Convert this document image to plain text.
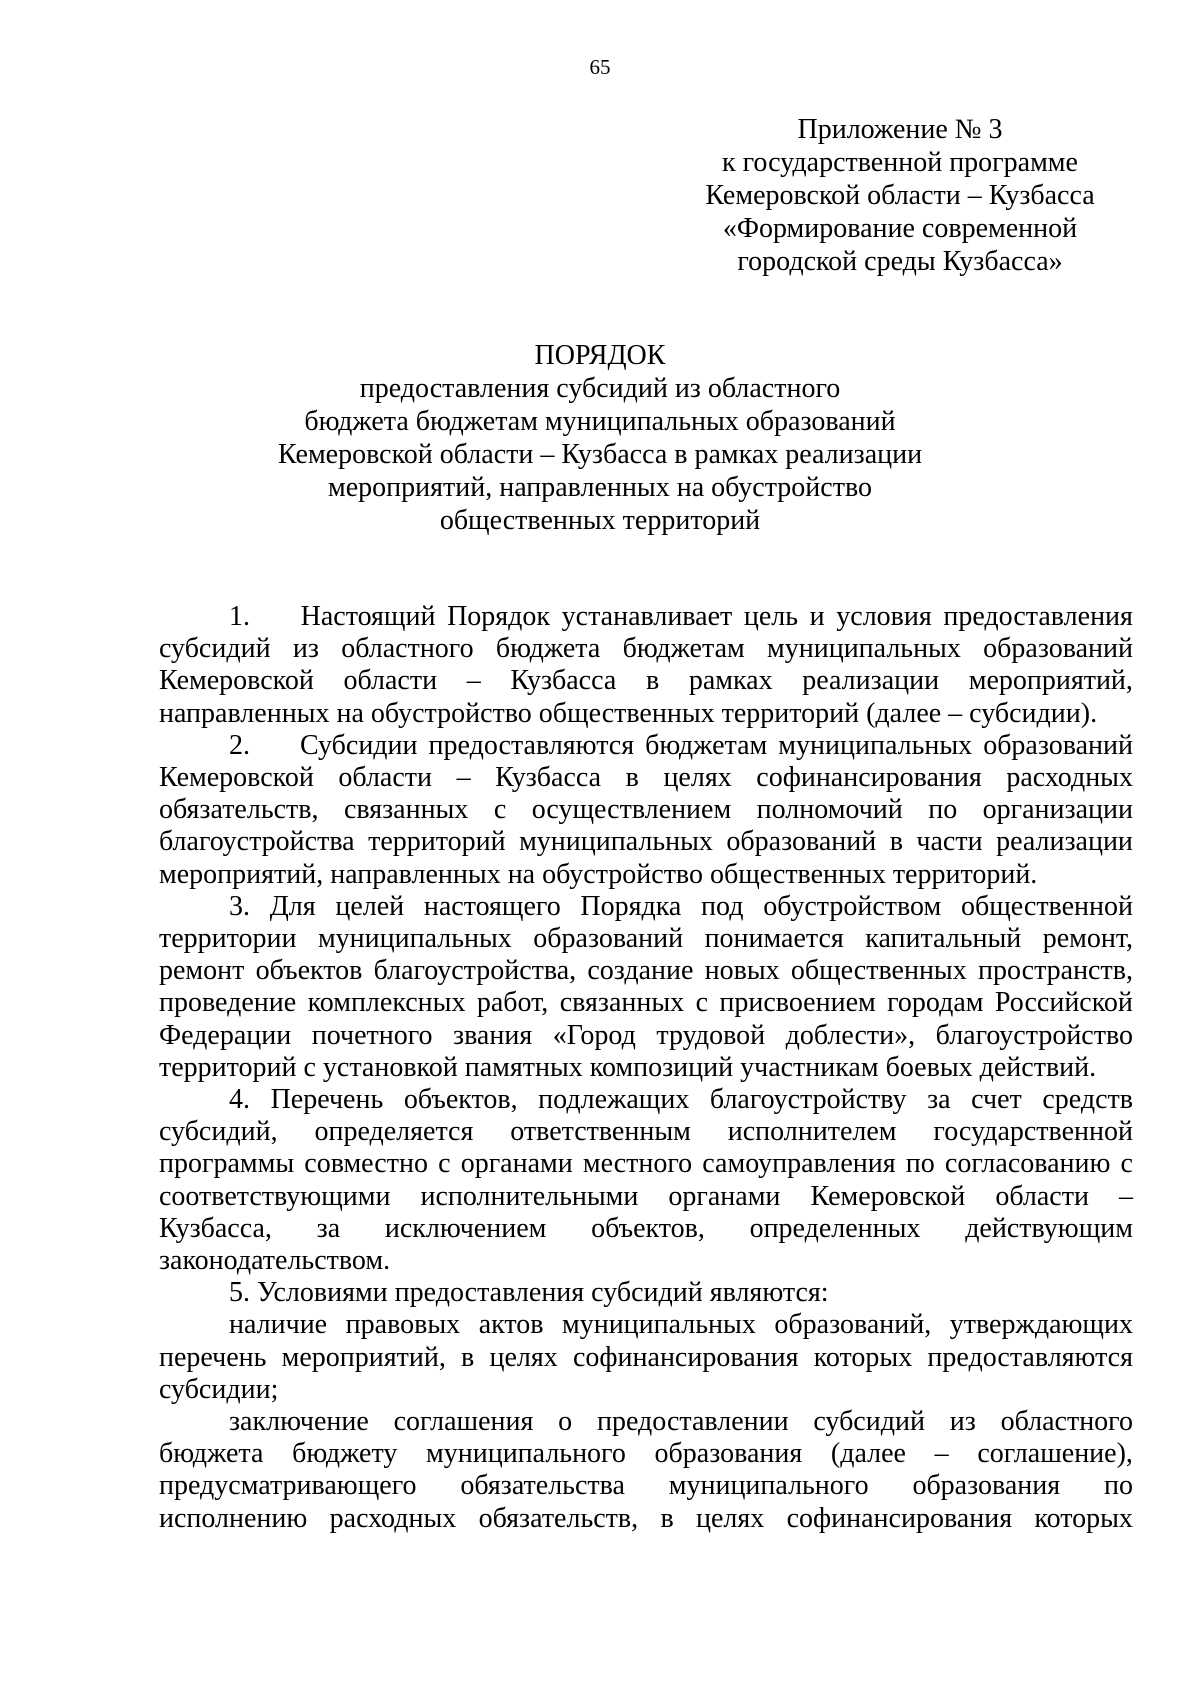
65
Приложение № 3
к государственной программе
Кемеровской области – Кузбасса
«Формирование современной
городской среды Кузбасса»
ПОРЯДОК
предоставления субсидий из областного
бюджета бюджетам муниципальных образований
Кемеровской области – Кузбасса в рамках реализации
мероприятий, направленных на обустройство
общественных территорий
1.	Настоящий Порядок устанавливает цель и условия предоставления
субсидий из областного бюджета бюджетам муниципальных образований
Кемеровской области – Кузбасса в рамках реализации мероприятий,
направленных на обустройство общественных территорий (далее – субсидии).
2.	Субсидии предоставляются бюджетам муниципальных образований
Кемеровской области – Кузбасса в целях софинансирования расходных
обязательств, связанных с осуществлением полномочий по организации
благоустройства территорий муниципальных образований в части реализации
мероприятий, направленных на обустройство общественных территорий.
3. Для целей настоящего Порядка под обустройством общественной
территории муниципальных образований понимается капитальный ремонт,
ремонт объектов благоустройства, создание новых общественных пространств,
проведение комплексных работ, связанных с присвоением городам Российской
Федерации почетного звания «Город трудовой доблести», благоустройство
территорий с установкой памятных композиций участникам боевых действий.
4. Перечень объектов, подлежащих благоустройству за счет средств
субсидий, определяется ответственным исполнителем государственной
программы совместно с органами местного самоуправления по согласованию с
соответствующими исполнительными органами Кемеровской области –
Кузбасса, за исключением объектов, определенных действующим
законодательством.
5. Условиями предоставления субсидий являются:
наличие правовых актов муниципальных образований, утверждающих
перечень мероприятий, в целях софинансирования которых предоставляются
субсидии;
заключение соглашения о предоставлении субсидий из областного
бюджета бюджету муниципального образования (далее – соглашение),
предусматривающего обязательства муниципального образования по
исполнению расходных обязательств, в целях софинансирования которых
